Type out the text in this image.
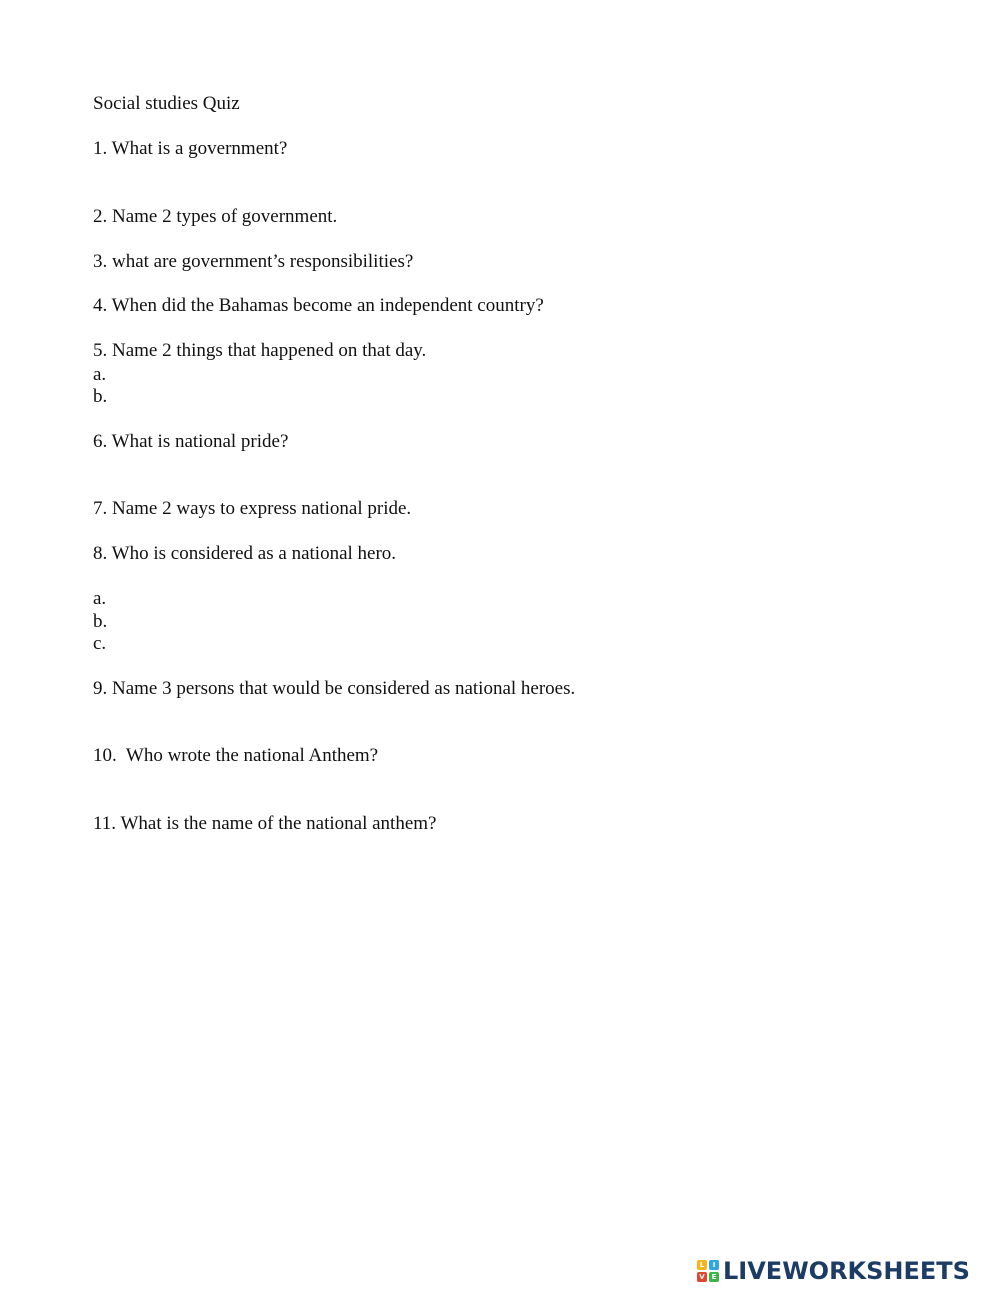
Social studies Quiz
1. What is a government?
2. Name 2 types of government.
3. what are government’s responsibilities?
4. When did the Bahamas become an independent country?
5. Name 2 things that happened on that day.
a.
b.
6. What is national pride?
7. Name 2 ways to express national pride.
8. Who is considered as a national hero.
a.
b.
c.
9. Name 3 persons that would be considered as national heroes.
10.  Who wrote the national Anthem?
11. What is the name of the national anthem?
L	I
V E LIVEWORKSHEETS
